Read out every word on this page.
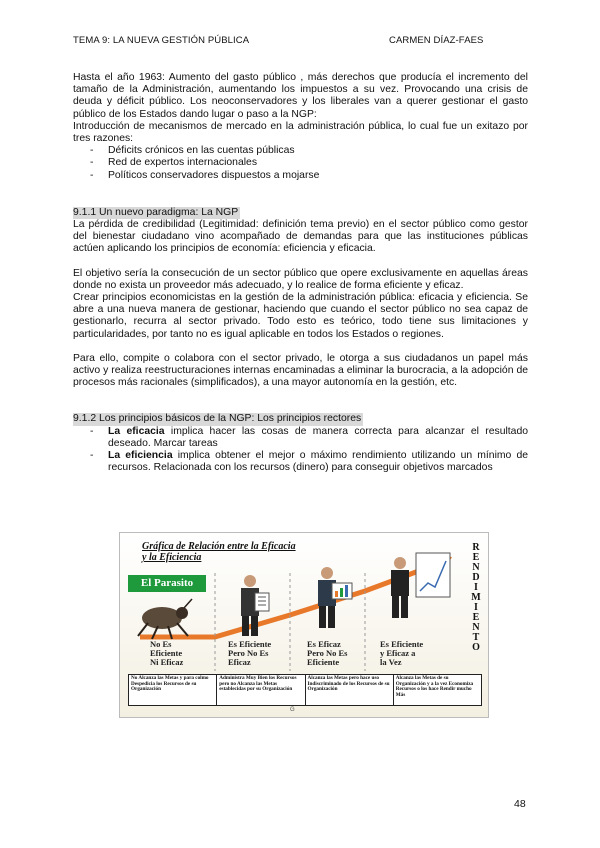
TEMA 9: LA NUEVA GESTIÓN PÚBLICA	CARMEN DÍAZ-FAES

Hasta el año 1963: Aumento del gasto público , más derechos que producía el incremento del tamaño de la Administración, aumentando los impuestos a su vez. Provocando una crisis de deuda y déficit público. Los neoconservadores y los liberales van a querer gestionar el gasto público de los Estados dando lugar o paso a la NGP:

Introducción de mecanismos de mercado en la administración pública, lo cual fue un exitazo por tres razones:

- Déficits crónicos en las cuentas públicas
- Red de expertos internacionales
- Políticos conservadores dispuestos a mojarse
9.1.1 Un nuevo paradigma: La NGP

La pérdida de credibilidad (Legitimidad: definición tema previo) en el sector público como gestor del bienestar ciudadano vino acompañado de demandas para que las instituciones públicas actúen aplicando los principios de economía: eficiencia y eficacia.

El objetivo sería la consecución de un sector público que opere exclusivamente en aquellas áreas donde no exista un proveedor más adecuado, y lo realice de forma eficiente y eficaz.

Crear principios economicistas en la gestión de la administración pública: eficacia y eficiencia. Se abre a una nueva manera de gestionar, haciendo que cuando el sector público no sea capaz de gestionarlo, recurra al sector privado. Todo esto es teórico, todo tiene sus limitaciones y particularidades, por tanto no es igual aplicable en todos los Estados o regiones.

Para ello, compite o colabora con el sector privado, le otorga a sus ciudadanos un papel más activo y realiza reestructuraciones internas encaminadas a eliminar la burocracia, a la adopción de procesos más racionales (simplificados), a una mayor autonomía en la gestión, etc.

9.1.2 Los principios básicos de la NGP: Los principios rectores
- La eficacia implica hacer las cosas de manera correcta para alcanzar el resultado deseado. Marcar tareas
- La eficiencia implica obtener el mejor o máximo rendimiento utilizando un mínimo de recursos. Relacionada con los recursos (dinero) para conseguir objetivos marcados
Gráfica de Relación entre la Eficacia
y la Eficiencia
R
E
N
D
I
M
I
E
N
T
O
El Parasito
No Es
Eficiente
Ni Eficaz
Es Eficiente
Pero No Es
Eficaz
Es Eficaz
Pero No Es
Eficiente
Es Eficiente
y Eficaz a
la Vez
No Alcanza las Metas y para colmo Despedicia los Recursos de su Organización
Administra Muy Bien los Recursos pero no Alcanza las Metas establecidas por su Organización
Alcanza las Metas pero hace uso Indiscriminado de los Recursos de su Organización
Alcanza las Metas de su Organización y a la vez Economiza Recursos o los hace Rendir mucho Más
G
48
